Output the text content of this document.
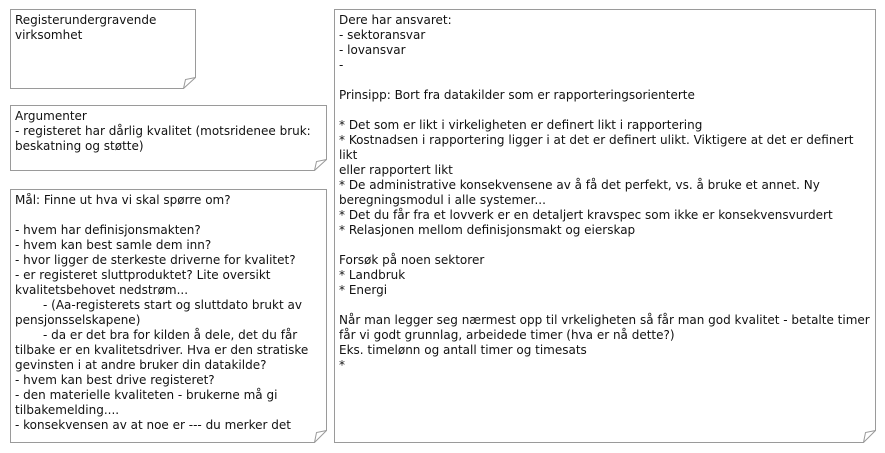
Registerundergravende
virksomhet
Argumenter
- registeret har dårlig kvalitet (motsridenee bruk:
beskatning og støtte)
Mål: Finne ut hva vi skal spørre om?
- hvem har definisjonsmakten?
- hvem kan best samle dem inn?
- hvor ligger de sterkeste driverne for kvalitet?
- er registeret sluttproduktet? Lite oversikt
kvalitetsbehovet nedstrøm...
- (Aa-registerets start og sluttdato brukt av
pensjonsselskapene)
- da er det bra for kilden å dele, det du får
tilbake er en kvalitetsdriver. Hva er den stratiske
gevinsten i at andre bruker din datakilde?
- hvem kan best drive registeret?
- den materielle kvaliteten - brukerne må gi
tilbakemelding....
- konsekvensen av at noe er --- du merker det
Dere har ansvaret:
- sektoransvar
- lovansvar
-
Prinsipp: Bort fra datakilder som er rapporteringsorienterte
* Det som er likt i virkeligheten er definert likt i rapportering
* Kostnadsen i rapportering ligger i at det er definert ulikt. Viktigere at det er definert likt
eller rapportert likt
* De administrative konsekvensene av å få det perfekt, vs. å bruke et annet. Ny
beregningsmodul i alle systemer...
* Det du får fra et lovverk er en detaljert kravspec som ikke er konsekvensvurdert
* Relasjonen mellom definisjonsmakt og eierskap
Forsøk på noen sektorer
* Landbruk
* Energi
Når man legger seg nærmest opp til vrkeligheten så får man god kvalitet - betalte timer
får vi godt grunnlag, arbeidede timer (hva er nå dette?)
Eks. timelønn og antall timer og timesats
*
